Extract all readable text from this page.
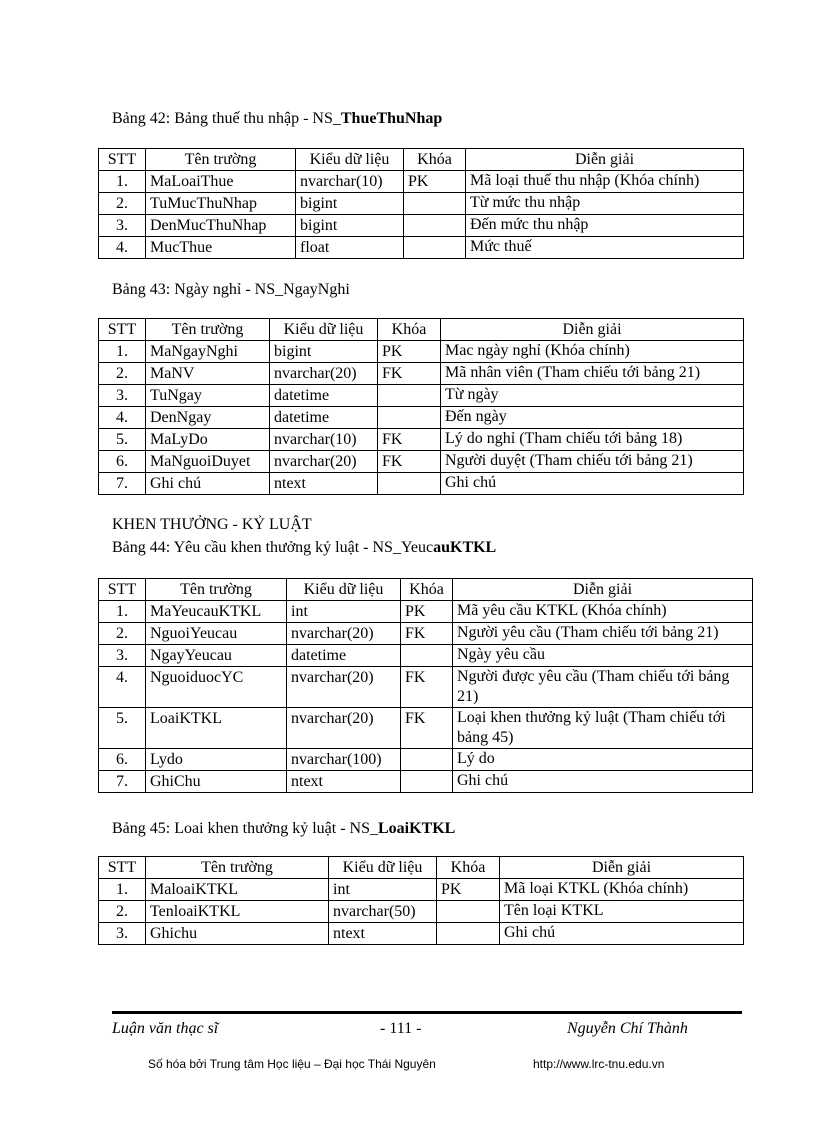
Bảng 42: Bảng thuế thu nhập - NS_ThueThuNhap
STT	Tên trường	Kiểu dữ liệu	Khóa	Diễn giải
1.	MaLoaiThue	nvarchar(10)	PK	Mã loại thuế thu nhập (Khóa chính)
2.	TuMucThuNhap	bigint		Từ mức thu nhập
3.	DenMucThuNhap	bigint		Đến mức thu nhập
4.	MucThue	float		Mức thuế
Bảng 43: Ngày nghỉ - NS_NgayNghi
STT	Tên trường	Kiểu dữ liệu	Khóa	Diễn giải
1.	MaNgayNghi	bigint	PK	Mac ngày nghỉ (Khóa chính)
2.	MaNV	nvarchar(20)	FK	Mã nhân viên (Tham chiếu tới bảng 21)
3.	TuNgay	datetime		Từ ngày
4.	DenNgay	datetime		Đến ngày
5.	MaLyDo	nvarchar(10)	FK	Lý do nghỉ (Tham chiếu tới bảng 18)
6.	MaNguoiDuyet	nvarchar(20)	FK	Người duyệt (Tham chiếu tới bảng 21)
7.	Ghi chú	ntext		Ghi chú
KHEN THƯỞNG - KỶ LUẬT
Bảng 44: Yêu cầu khen thưởng kỷ luật - NS_YeucauKTKL
STT	Tên trường	Kiểu dữ liệu	Khóa	Diễn giải
1.	MaYeucauKTKL	int	PK	Mã yêu cầu KTKL (Khóa chính)
2.	NguoiYeucau	nvarchar(20)	FK	Người yêu cầu (Tham chiếu tới bảng 21)
3.	NgayYeucau	datetime		Ngày yêu cầu
4.	NguoiduocYC	nvarchar(20)	FK	Người được yêu cầu (Tham chiếu tới bảng 21)
5.	LoaiKTKL	nvarchar(20)	FK	Loại khen thưởng kỷ luật (Tham chiếu tới bảng 45)
6.	Lydo	nvarchar(100)		Lý do
7.	GhiChu	ntext		Ghi chú
Bảng 45: Loai khen thưởng kỷ luật - NS_LoaiKTKL
STT	Tên trường	Kiểu dữ liệu	Khóa	Diễn giải
1.	MaloaiKTKL	int	PK	Mã loại KTKL (Khóa chính)
2.	TenloaiKTKL	nvarchar(50)		Tên loại KTKL
3.	Ghichu	ntext		Ghi chú
Luận văn thạc sĩ	- 111 -	Nguyễn Chí Thành
Số hóa bởi Trung tâm Học liệu – Đại học Thái Nguyên	http://www.lrc-tnu.edu.vn
